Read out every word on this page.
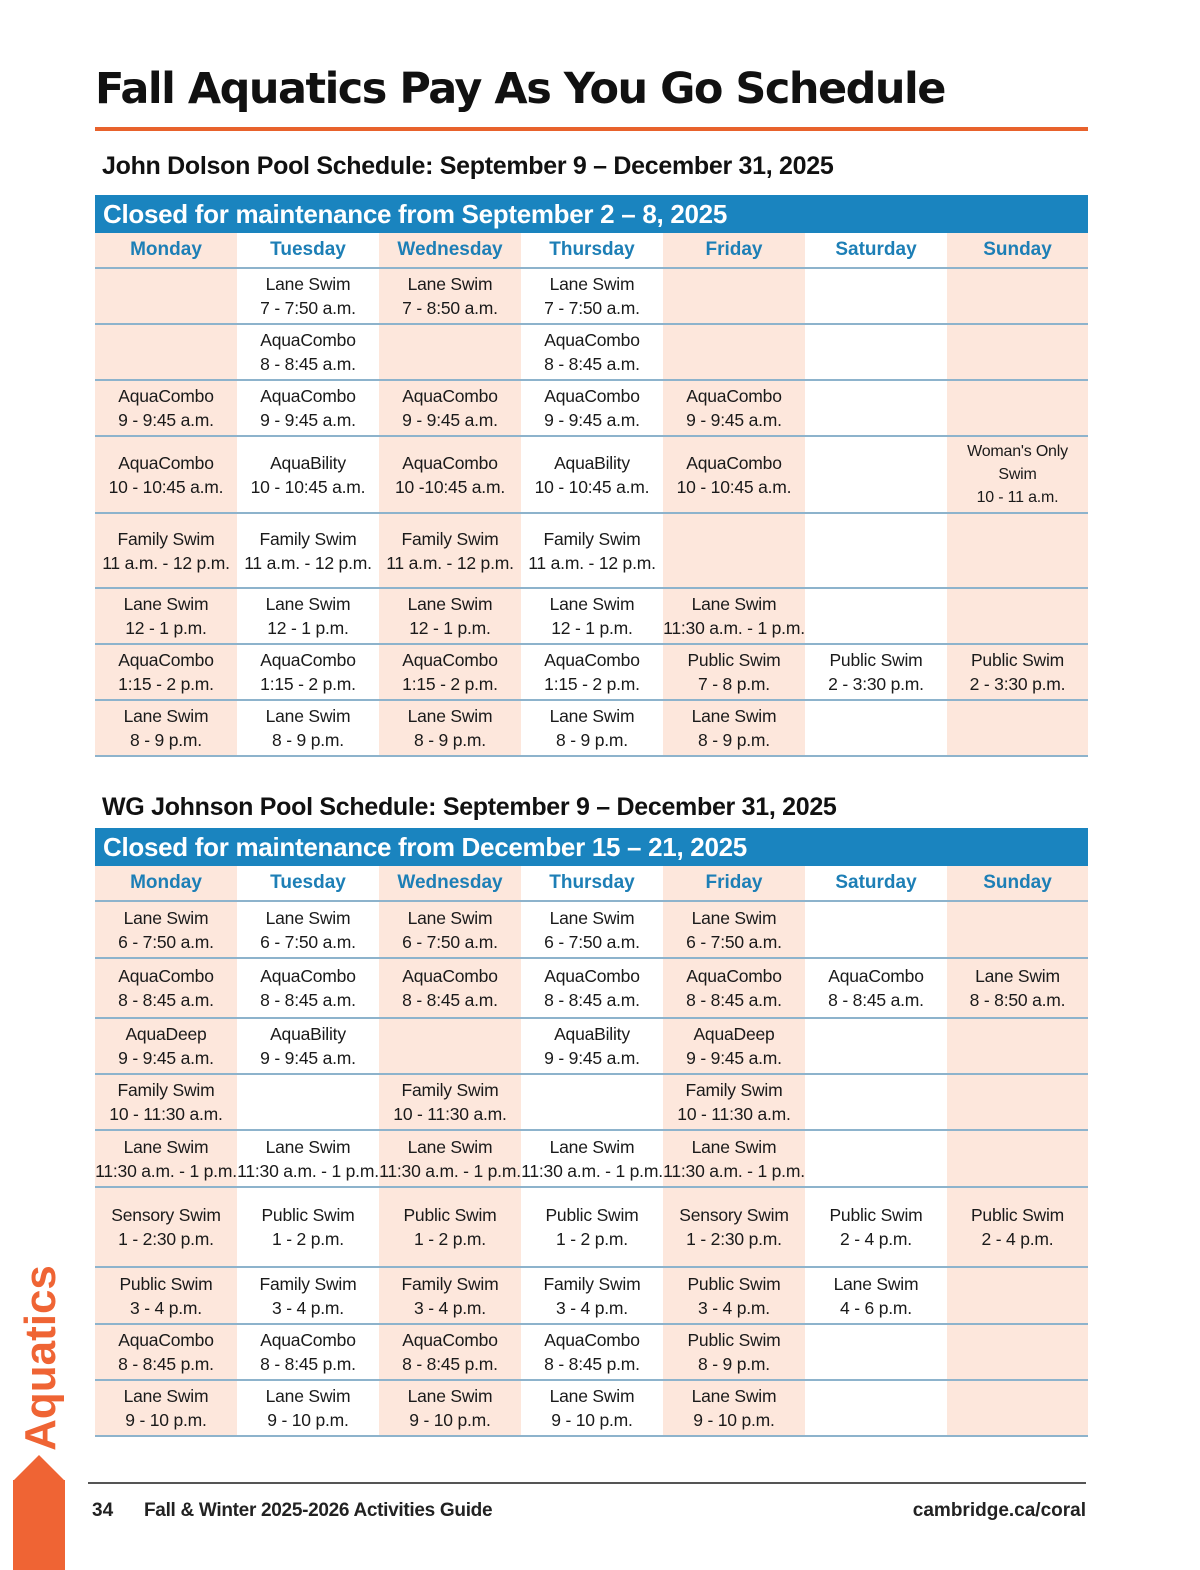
Fall Aquatics Pay As You Go Schedule
John Dolson Pool Schedule: September 9 – December 31, 2025
Closed for maintenance from September 2 – 8, 2025
Monday	Tuesday	Wednesday	Thursday	Friday	Saturday	Sunday

	Lane Swim
7 - 7:50 a.m.	Lane Swim
7 - 8:50 a.m.	Lane Swim
7 - 7:50 a.m.			

	AquaCombo
8 - 8:45 a.m.		AquaCombo
8 - 8:45 a.m.			

AquaCombo
9 - 9:45 a.m.	AquaCombo
9 - 9:45 a.m.	AquaCombo
9 - 9:45 a.m.	AquaCombo
9 - 9:45 a.m.	AquaCombo
9 - 9:45 a.m.		

AquaCombo
10 - 10:45 a.m.	AquaBility
10 - 10:45 a.m.	AquaCombo
10 -10:45 a.m.	AquaBility
10 - 10:45 a.m.	AquaCombo
10 - 10:45 a.m.		Woman's Only
Swim
10 - 11 a.m.

Family Swim
11 a.m. - 12 p.m.	Family Swim
11 a.m. - 12 p.m.	Family Swim
11 a.m. - 12 p.m.	Family Swim
11 a.m. - 12 p.m.			

Lane Swim
12 - 1 p.m.	Lane Swim
12 - 1 p.m.	Lane Swim
12 - 1 p.m.	Lane Swim
12 - 1 p.m.	Lane Swim
11:30 a.m. - 1 p.m.		

AquaCombo
1:15 - 2 p.m.	AquaCombo
1:15 - 2 p.m.	AquaCombo
1:15 - 2 p.m.	AquaCombo
1:15 - 2 p.m.	Public Swim
7 - 8 p.m.	Public Swim
2 - 3:30 p.m.	Public Swim
2 - 3:30 p.m.

Lane Swim
8 - 9 p.m.	Lane Swim
8 - 9 p.m.	Lane Swim
8 - 9 p.m.	Lane Swim
8 - 9 p.m.	Lane Swim
8 - 9 p.m.		

WG Johnson Pool Schedule: September 9 – December 31, 2025
Closed for maintenance from December 15 – 21, 2025
Monday	Tuesday	Wednesday	Thursday	Friday	Saturday	Sunday

Lane Swim
6 - 7:50 a.m.	Lane Swim
6 - 7:50 a.m.	Lane Swim
6 - 7:50 a.m.	Lane Swim
6 - 7:50 a.m.	Lane Swim
6 - 7:50 a.m.		

AquaCombo
8 - 8:45 a.m.	AquaCombo
8 - 8:45 a.m.	AquaCombo
8 - 8:45 a.m.	AquaCombo
8 - 8:45 a.m.	AquaCombo
8 - 8:45 a.m.	AquaCombo
8 - 8:45 a.m.	Lane Swim
8 - 8:50 a.m.

AquaDeep
9 - 9:45 a.m.	AquaBility
9 - 9:45 a.m.		AquaBility
9 - 9:45 a.m.	AquaDeep
9 - 9:45 a.m.		

Family Swim
10 - 11:30 a.m.		Family Swim
10 - 11:30 a.m.		Family Swim
10 - 11:30 a.m.		

Lane Swim
11:30 a.m. - 1 p.m.	Lane Swim
11:30 a.m. - 1 p.m.	Lane Swim
11:30 a.m. - 1 p.m.	Lane Swim
11:30 a.m. - 1 p.m.	Lane Swim
11:30 a.m. - 1 p.m.		

Sensory Swim
1 - 2:30 p.m.	Public Swim
1 - 2 p.m.	Public Swim
1 - 2 p.m.	Public Swim
1 - 2 p.m.	Sensory Swim
1 - 2:30 p.m.	Public Swim
2 - 4 p.m.	Public Swim
2 - 4 p.m.

Public Swim
3 - 4 p.m.	Family Swim
3 - 4 p.m.	Family Swim
3 - 4 p.m.	Family Swim
3 - 4 p.m.	Public Swim
3 - 4 p.m.	Lane Swim
4 - 6 p.m.	

AquaCombo
8 - 8:45 p.m.	AquaCombo
8 - 8:45 p.m.	AquaCombo
8 - 8:45 p.m.	AquaCombo
8 - 8:45 p.m.	Public Swim
8 - 9 p.m.		

Lane Swim
9 - 10 p.m.	Lane Swim
9 - 10 p.m.	Lane Swim
9 - 10 p.m.	Lane Swim
9 - 10 p.m.	Lane Swim
9 - 10 p.m.		

Aquatics
34 Fall & Winter 2025-2026 Activities Guide	cambridge.ca/coral
